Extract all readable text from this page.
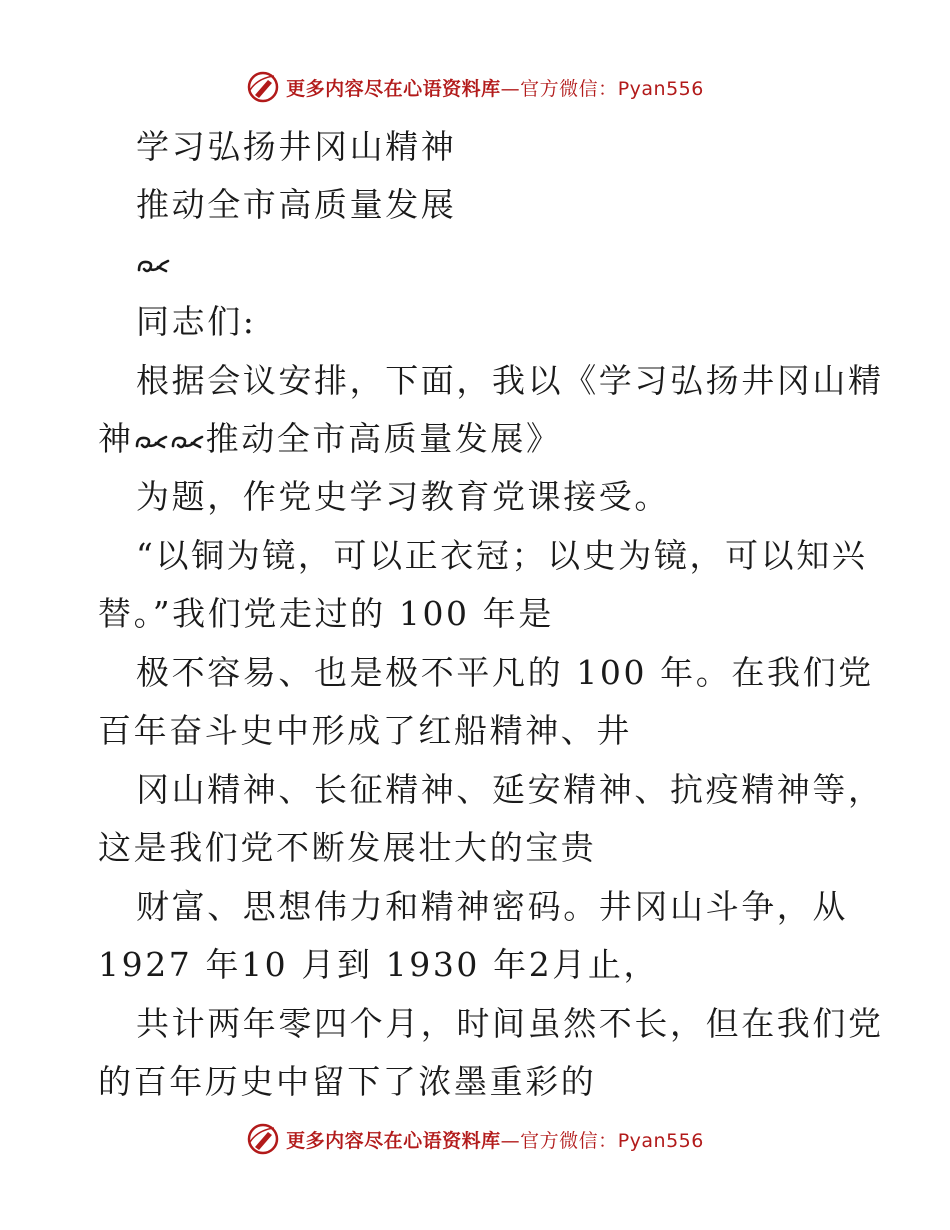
更多内容尽在心语资料库—官方微信：Pyan556
学习弘扬井冈山精神
推动全市高质量发展
同志们:
根据会议安排，下面，我以《学习弘扬井冈山精
神 推动全市高质量发展》
为题，作党史学习教育党课接受。
“以铜为镜，可以正衣冠；以史为镜，可以知兴
替。”我们党走过的 100 年是
极不容易、也是极不平凡的 100 年。在我们党
百年奋斗史中形成了红船精神、井
冈山精神、长征精神、延安精神、抗疫精神等，
这是我们党不断发展壮大的宝贵
财富、思想伟力和精神密码。井冈山斗争，从
1927 年10 月到 1930 年2月止，
共计两年零四个月，时间虽然不长，但在我们党
的百年历史中留下了浓墨重彩的
更多内容尽在心语资料库—官方微信：Pyan556
